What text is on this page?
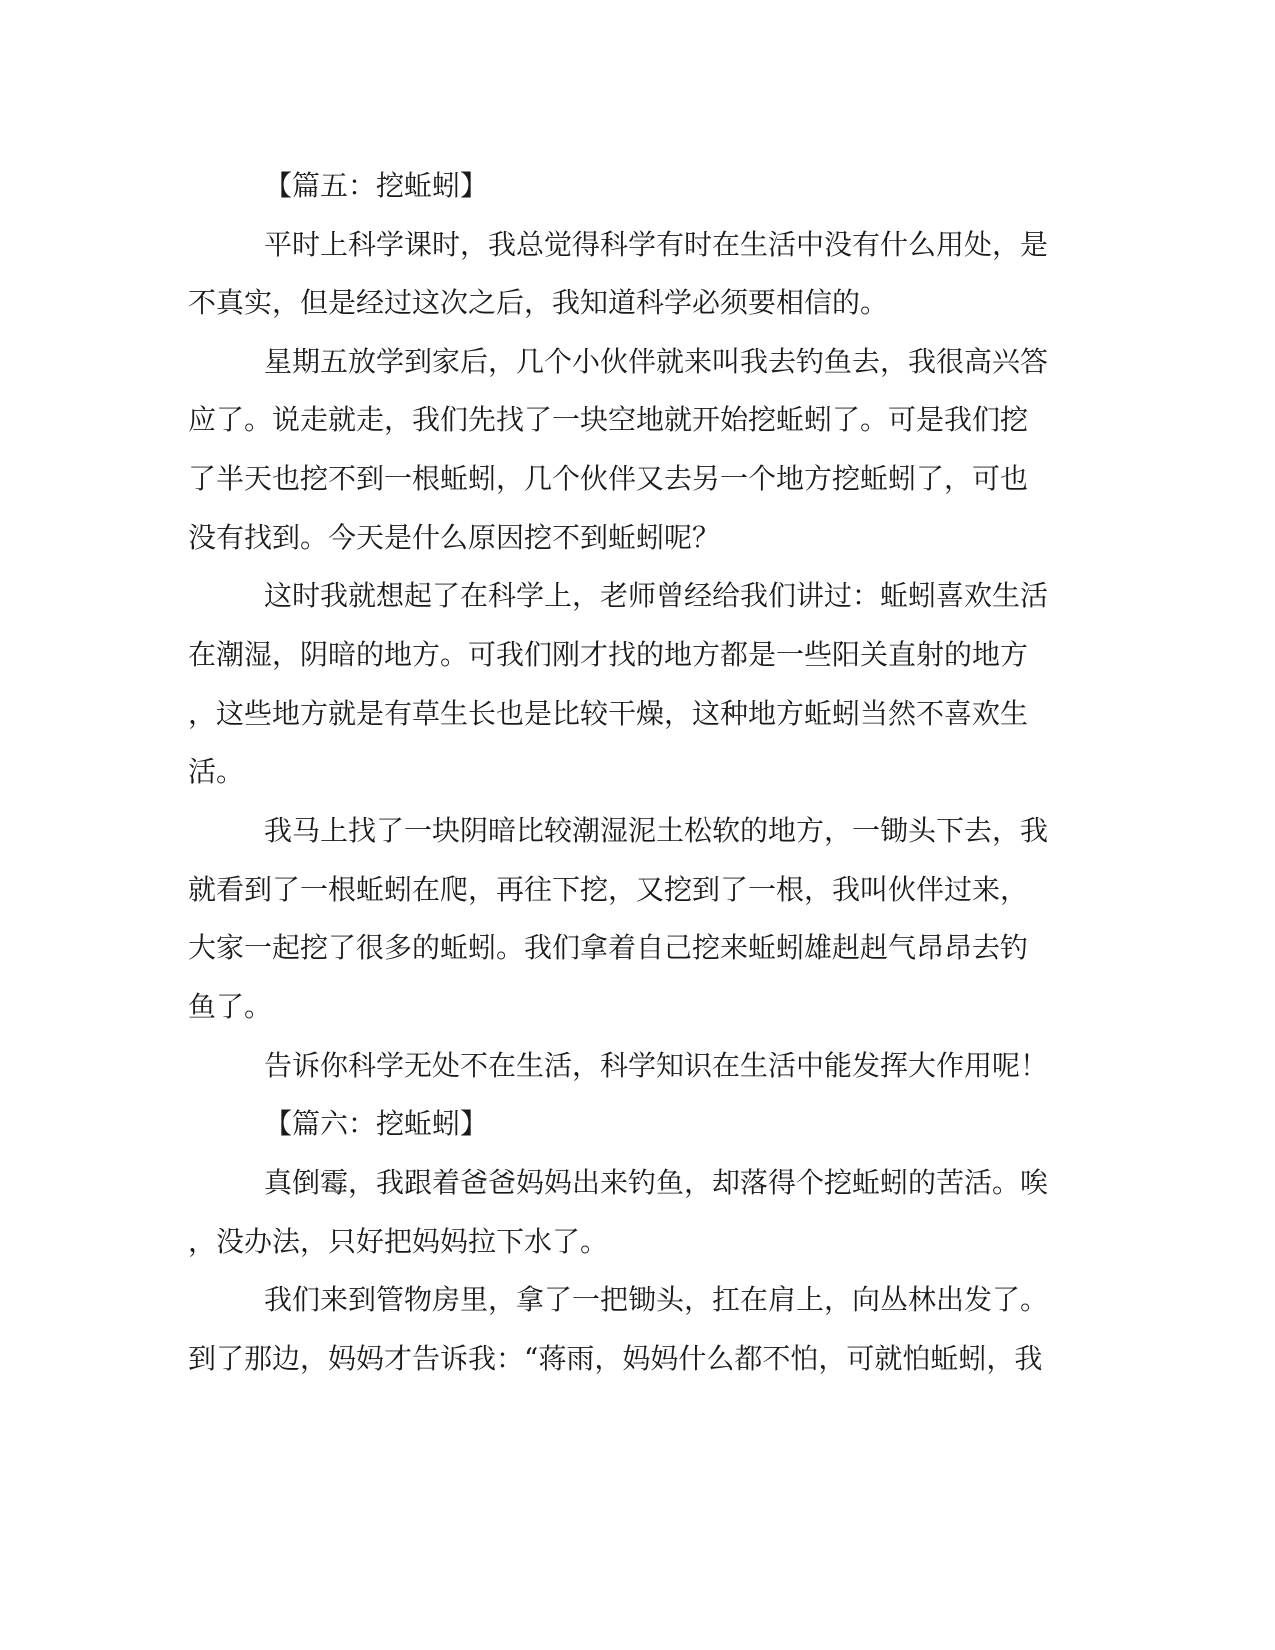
【篇五：挖蚯蚓】
平时上科学课时，我总觉得科学有时在生活中没有什么用处，是
不真实，但是经过这次之后，我知道科学必须要相信的。
星期五放学到家后，几个小伙伴就来叫我去钓鱼去，我很高兴答
应了。说走就走，我们先找了一块空地就开始挖蚯蚓了。可是我们挖
了半天也挖不到一根蚯蚓，几个伙伴又去另一个地方挖蚯蚓了，可也
没有找到。今天是什么原因挖不到蚯蚓呢？
这时我就想起了在科学上，老师曾经给我们讲过：蚯蚓喜欢生活
在潮湿，阴暗的地方。可我们刚才找的地方都是一些阳关直射的地方
，这些地方就是有草生长也是比较干燥，这种地方蚯蚓当然不喜欢生
活。
我马上找了一块阴暗比较潮湿泥土松软的地方，一锄头下去，我
就看到了一根蚯蚓在爬，再往下挖，又挖到了一根，我叫伙伴过来，
大家一起挖了很多的蚯蚓。我们拿着自己挖来蚯蚓雄赳赳气昂昂去钓
鱼了。
告诉你科学无处不在生活，科学知识在生活中能发挥大作用呢！
【篇六：挖蚯蚓】
真倒霉，我跟着爸爸妈妈出来钓鱼，却落得个挖蚯蚓的苦活。唉
，没办法，只好把妈妈拉下水了。
我们来到管物房里，拿了一把锄头，扛在肩上，向丛林出发了。
到了那边，妈妈才告诉我：“蒋雨，妈妈什么都不怕，可就怕蚯蚓，我
